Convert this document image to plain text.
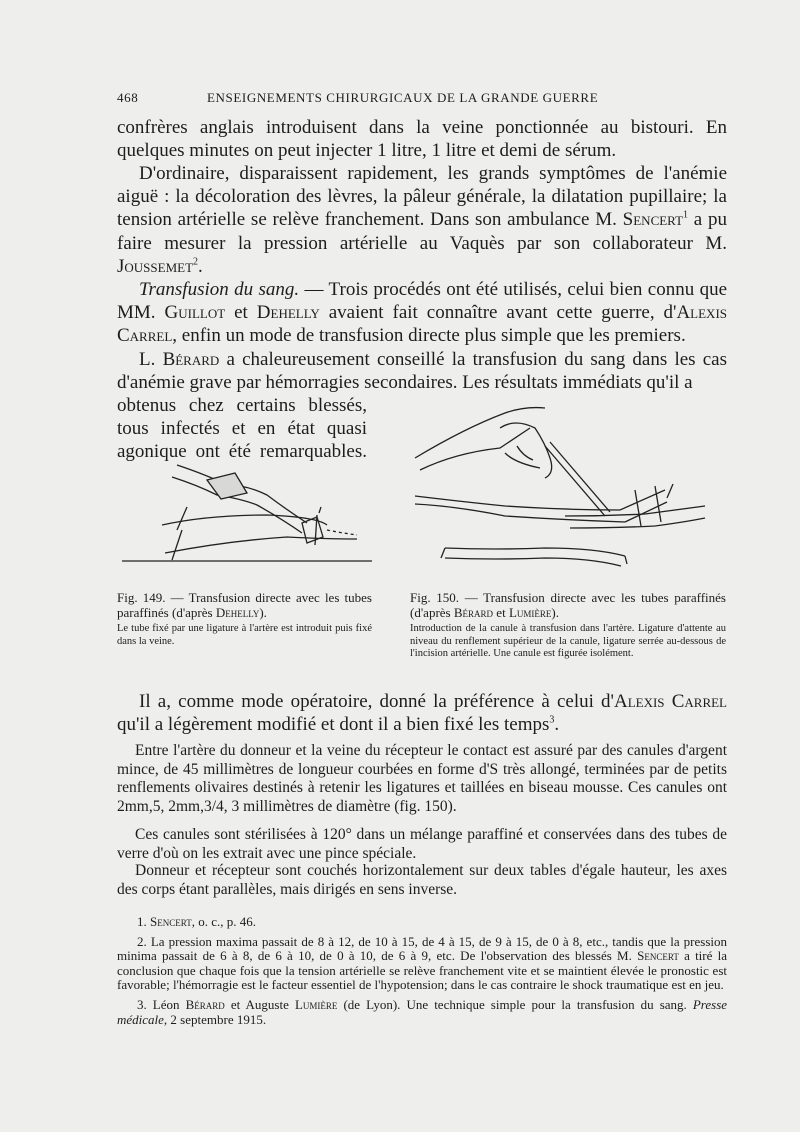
468	ENSEIGNEMENTS CHIRURGICAUX DE LA GRANDE GUERRE
confrères anglais introduisent dans la veine ponctionnée au bistouri. En quelques minutes on peut injecter 1 litre, 1 litre et demi de sérum.
D'ordinaire, disparaissent rapidement, les grands symptômes de l'anémie aiguë : la décoloration des lèvres, la pâleur générale, la dilatation pupillaire; la tension artérielle se relève franchement. Dans son ambulance M. Sencert$^1$ a pu faire mesurer la pression artérielle au Vaquès par son collaborateur M. Joussemet$^2$.
Transfusion du sang. — Trois procédés ont été utilisés, celui bien connu que MM. Guillot et Dehelly avaient fait connaître avant cette guerre, d'Alexis Carrel, enfin un mode de transfusion directe plus simple que les premiers.
L. Bérard a chaleureusement conseillé la transfusion du sang dans les cas d'anémie grave par hémorragies secondaires. Les résultats immédiats qu'il a
obtenus chez certains blessés,
tous infectés et en état quasi
agonique ont été remarquables.
Fig. 149. — Transfusion directe avec les tubes paraffinés (d'après Dehelly).
Le tube fixé par une ligature à l'artère est introduit puis fixé dans la veine.
Fig. 150. — Transfusion directe avec les tubes paraffinés (d'après Bérard et Lumière).
Introduction de la canule à transfusion dans l'artère. Ligature d'attente au niveau du renflement supérieur de la canule, ligature serrée au-dessous de l'incision artérielle. Une canule est figurée isolément.
Il a, comme mode opératoire, donné la préférence à celui d'Alexis Carrel qu'il a légèrement modifié et dont il a bien fixé les temps$^3$.
Entre l'artère du donneur et la veine du récepteur le contact est assuré par des canules d'argent mince, de 45 millimètres de longueur courbées en forme d'S très allongé, terminées par de petits renflements olivaires destinés à retenir les ligatures et taillées en biseau mousse. Ces canules ont 2mm,5, 2mm,3/4, 3 millimètres de diamètre (fig. 150).
Ces canules sont stérilisées à 120° dans un mélange paraffiné et conservées dans des tubes de verre d'où on les extrait avec une pince spéciale.
Donneur et récepteur sont couchés horizontalement sur deux tables d'égale hauteur, les axes des corps étant parallèles, mais dirigés en sens inverse.

1. Sencert, o. c., p. 46.

2. La pression maxima passait de 8 à 12, de 10 à 15, de 4 à 15, de 9 à 15, de 0 à 8, etc., tandis que la pression minima passait de 6 à 8, de 6 à 10, de 0 à 10, de 6 à 9, etc. De l'observation des blessés M. Sencert a tiré la conclusion que chaque fois que la tension artérielle se relève franchement vite et se maintient élevée le pronostic est favorable; l'hémorragie est le facteur essentiel de l'hypotension; dans le cas contraire le shock traumatique est en jeu.

3. Léon Bérard et Auguste Lumière (de Lyon). Une technique simple pour la transfusion du sang. Presse médicale, 2 septembre 1915.
